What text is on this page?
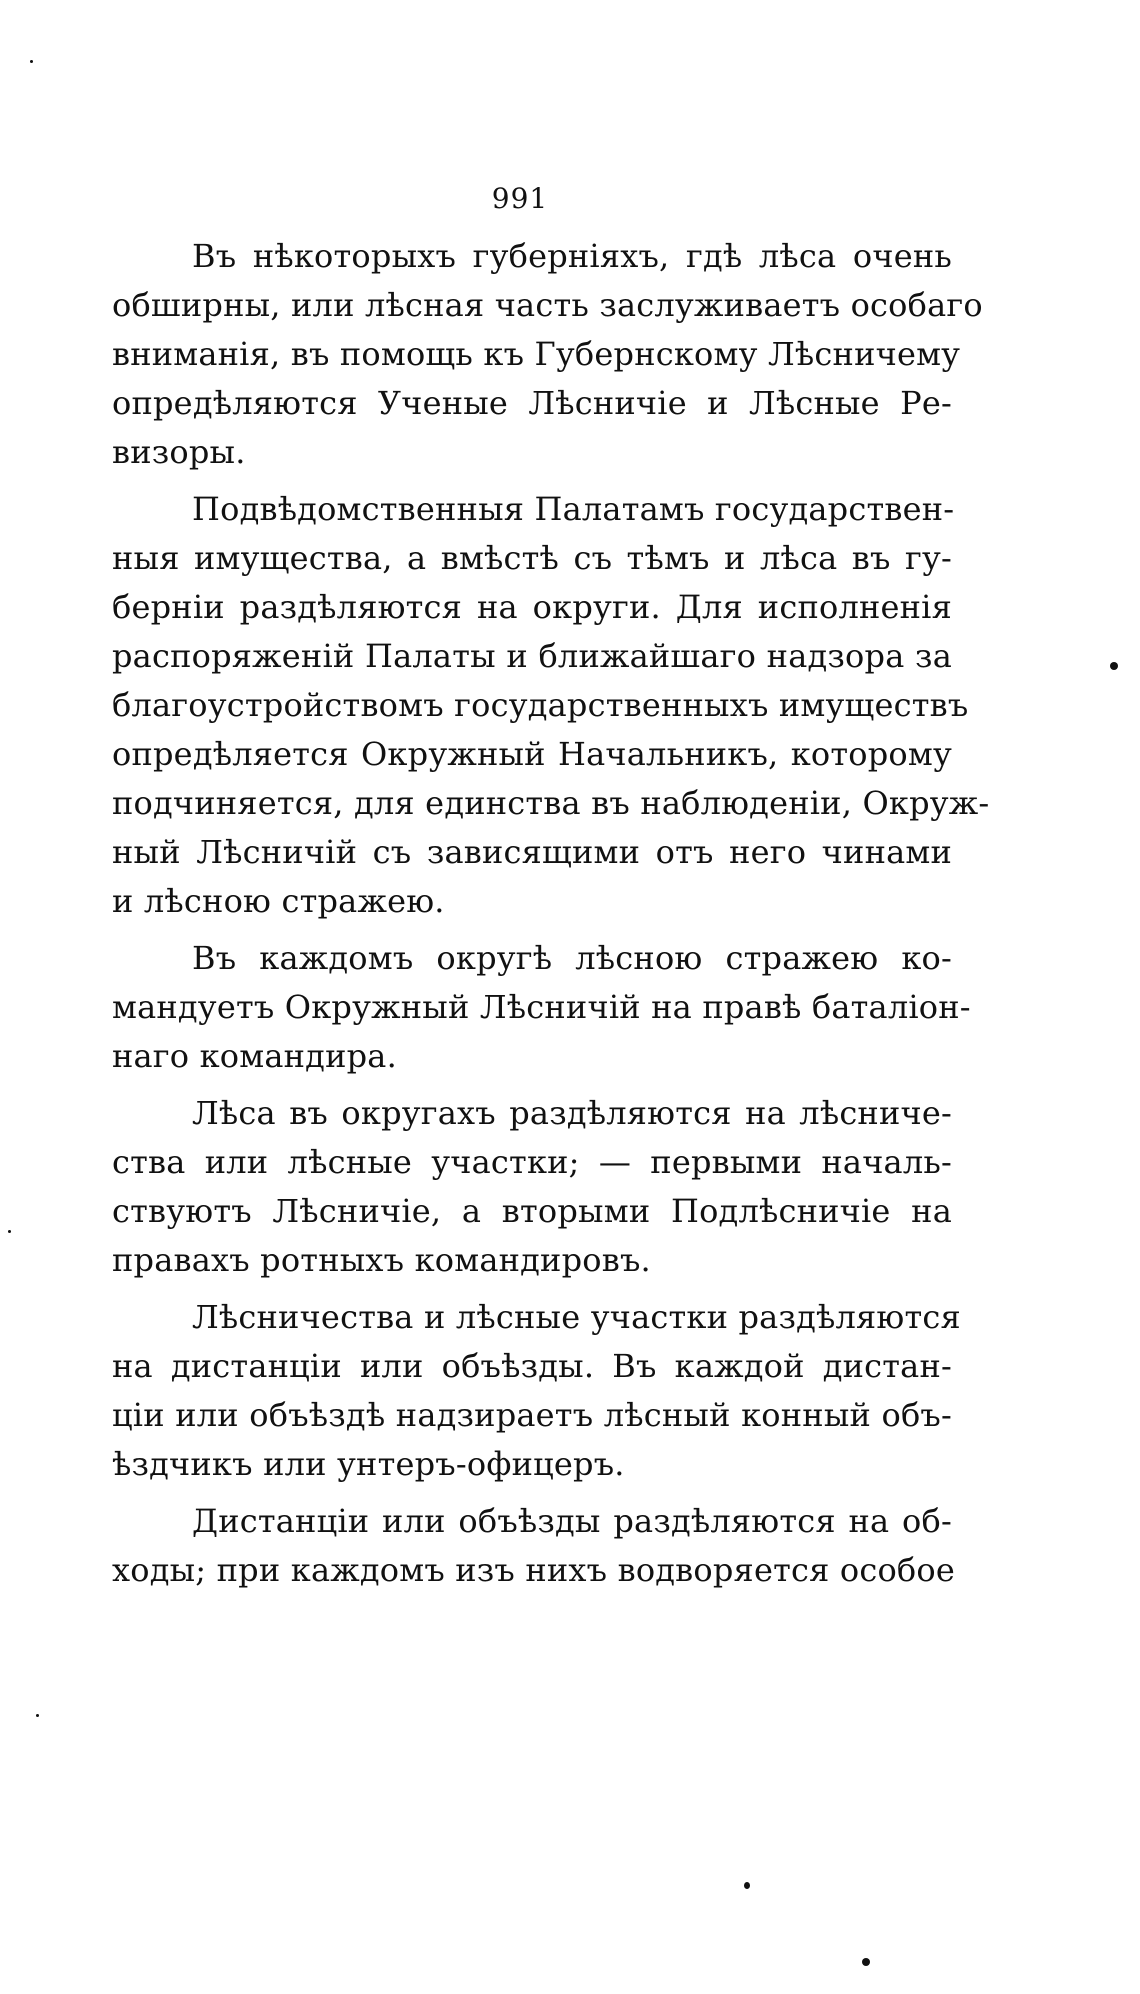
991
Въ нѣкоторыхъ губерніяхъ, гдѣ лѣса очень
обширны, или лѣсная часть заслуживаетъ особаго
вниманія, въ помощь къ Губернскому Лѣсничему
опредѣляются Ученые Лѣсничіе и Лѣсные Ре-
визоры.
Подвѣдомственныя Палатамъ государствен-
ныя имущества, а вмѣстѣ съ тѣмъ и лѣса въ гу-
берніи раздѣляются на округи. Для исполненія
распоряженій Палаты и ближайшаго надзора за
благоустройствомъ государственныхъ имуществъ
опредѣляется Окружный Начальникъ, которому
подчиняется, для единства въ наблюденіи, Окруж-
ный Лѣсничій съ зависящими отъ него чинами
и лѣсною стражею.
Въ каждомъ округѣ лѣсною стражею ко-
мандуетъ Окружный Лѣсничій на правѣ баталіон-
наго командира.
Лѣса въ округахъ раздѣляются на лѣсниче-
ства или лѣсные участки; — первыми началь-
ствуютъ Лѣсничіе, а вторыми Подлѣсничіе на
правахъ ротныхъ командировъ.
Лѣсничества и лѣсные участки раздѣляются
на дистанціи или объѣзды. Въ каждой дистан-
ціи или объѣздѣ надзираетъ лѣсный конный объ-
ѣздчикъ или унтеръ-офицеръ.
Дистанціи или объѣзды раздѣляются на об-
ходы; при каждомъ изъ нихъ водворяется особое
